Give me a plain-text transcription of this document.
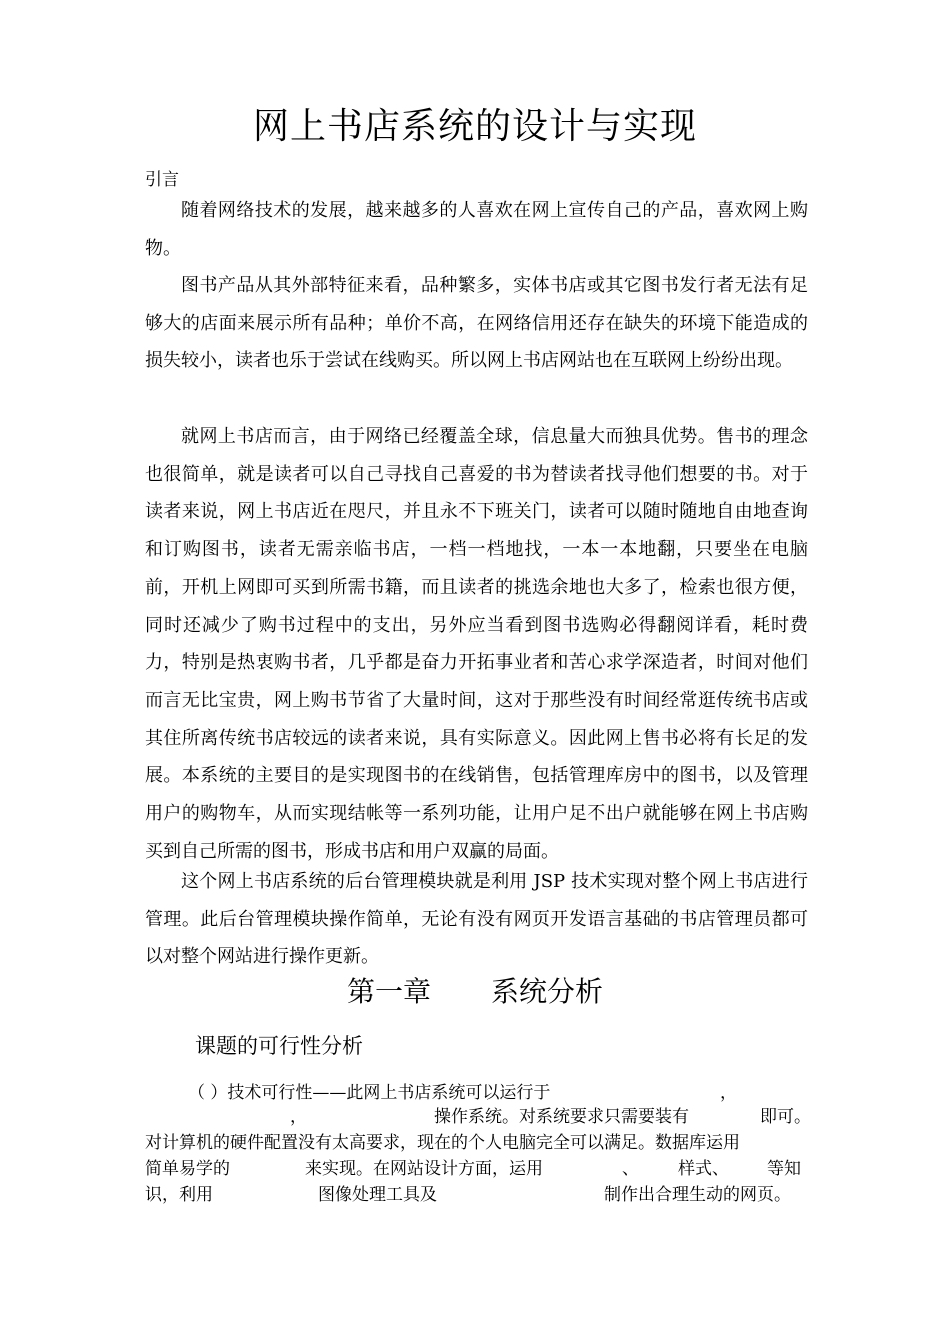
网上书店系统的设计与实现
引言

随着网络技术的发展，越来越多的人喜欢在网上宣传自己的产品，喜欢网上购物。

图书产品从其外部特征来看，品种繁多，实体书店或其它图书发行者无法有足够大的店面来展示所有品种；单价不高，在网络信用还存在缺失的环境下能造成的损失较小，读者也乐于尝试在线购买。所以网上书店网站也在互联网上纷纷出现。

就网上书店而言，由于网络已经覆盖全球，信息量大而独具优势。售书的理念也很简单，就是读者可以自己寻找自己喜爱的书为替读者找寻他们想要的书。对于读者来说，网上书店近在咫尺，并且永不下班关门，读者可以随时随地自由地查询和订购图书，读者无需亲临书店，一档一档地找，一本一本地翻，只要坐在电脑前，开机上网即可买到所需书籍，而且读者的挑选余地也大多了，检索也很方便，同时还减少了购书过程中的支出，另外应当看到图书选购必得翻阅详看，耗时费力，特别是热衷购书者，几乎都是奋力开拓事业者和苦心求学深造者，时间对他们而言无比宝贵，网上购书节省了大量时间，这对于那些没有时间经常逛传统书店或其住所离传统书店较远的读者来说，具有实际意义。因此网上售书必将有长足的发展。本系统的主要目的是实现图书的在线销售，包括管理库房中的图书，以及管理用户的购物车，从而实现结帐等一系列功能，让用户足不出户就能够在网上书店购买到自己所需的图书，形成书店和用户双赢的局面。

这个网上书店系统的后台管理模块就是利用 JSP 技术实现对整个网上书店进行管理。此后台管理模块操作简单，无论有没有网页开发语言基础的书店管理员都可以对整个网站进行操作更新。

第一章 系统分析
课题的可行性分析
（ ）技术可行性——此网上书店系统可以运行于	，
，	操作系统。对系统要求只需要装有	即可。
对计算机的硬件配置没有太高要求，现在的个人电脑完全可以满足。数据库运用
简单易学的	来实现。在网站设计方面，运用	、 样式、 等知
识，利用	图像处理工具及	制作出合理生动的网页。
